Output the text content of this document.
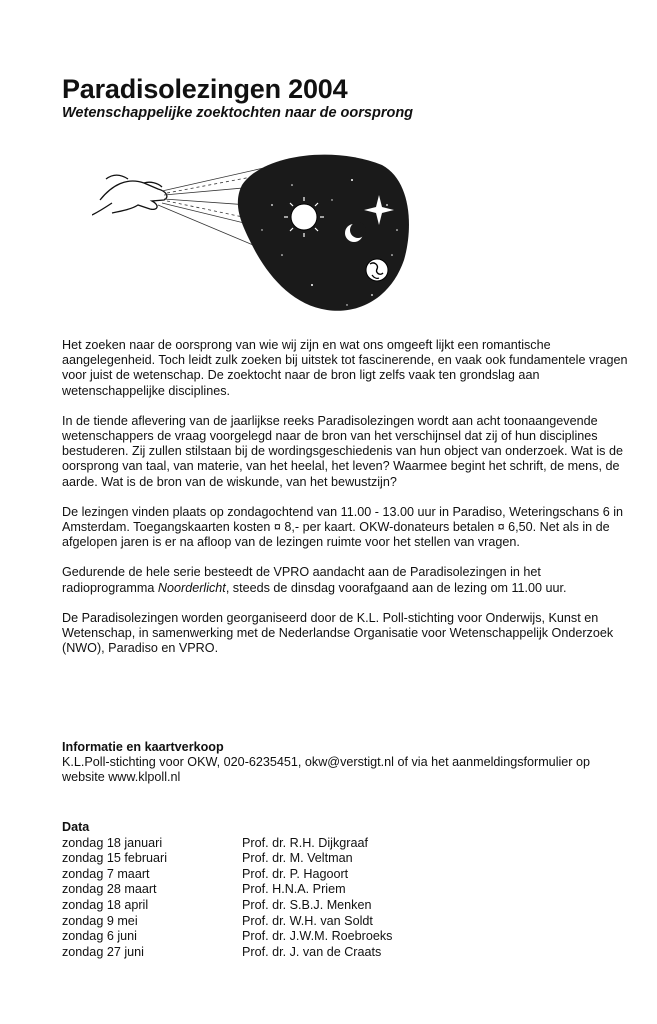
Paradisolezingen 2004
Wetenschappelijke zoektochten naar de oorsprong

Het zoeken naar de oorsprong van wie wij zijn en wat ons omgeeft lijkt een romantische aangelegenheid. Toch leidt zulk zoeken bij uitstek tot fascinerende, en vaak ook fundamentele vragen voor juist de wetenschap. De zoektocht naar de bron ligt zelfs vaak ten grondslag aan wetenschappelijke disciplines.

In de tiende aflevering van de jaarlijkse reeks Paradisolezingen wordt aan acht toonaangevende wetenschappers de vraag voorgelegd naar de bron van het verschijnsel dat zij of hun disciplines bestuderen. Zij zullen stilstaan bij de wordingsgeschiedenis van hun object van onderzoek. Wat is de oorsprong van taal, van materie, van het heelal, het leven? Waarmee begint het schrift, de mens, de aarde. Wat is de bron van de wiskunde, van het bewustzijn?

De lezingen vinden plaats op zondagochtend van 11.00 - 13.00 uur in Paradiso, Weteringschans 6 in Amsterdam. Toegangskaarten kosten ¤ 8,- per kaart. OKW-donateurs betalen ¤ 6,50. Net als in de afgelopen jaren is er na afloop van de lezingen ruimte voor het stellen van vragen.

Gedurende de hele serie besteedt de VPRO aandacht aan de Paradisolezingen in het radioprogramma Noorderlicht, steeds de dinsdag voorafgaand aan de lezing om 11.00 uur.

De Paradisolezingen worden georganiseerd door de K.L. Poll-stichting voor Onderwijs, Kunst en Wetenschap, in samenwerking met de Nederlandse Organisatie voor Wetenschappelijk Onderzoek (NWO), Paradiso en VPRO.

Informatie en kaartverkoop
K.L.Poll-stichting voor OKW, 020-6235451, okw@verstigt.nl of via het aanmeldingsformulier op website www.klpoll.nl
Data
zondag 18 januari	Prof. dr. R.H. Dijkgraaf
zondag 15 februari	Prof. dr. M. Veltman
zondag 7 maart	Prof. dr. P. Hagoort
zondag 28 maart	Prof. H.N.A. Priem
zondag 18 april	Prof. dr. S.B.J. Menken
zondag 9 mei	Prof. dr. W.H. van Soldt
zondag 6 juni	Prof. dr. J.W.M. Roebroeks
zondag 27 juni	Prof. dr. J. van de Craats
